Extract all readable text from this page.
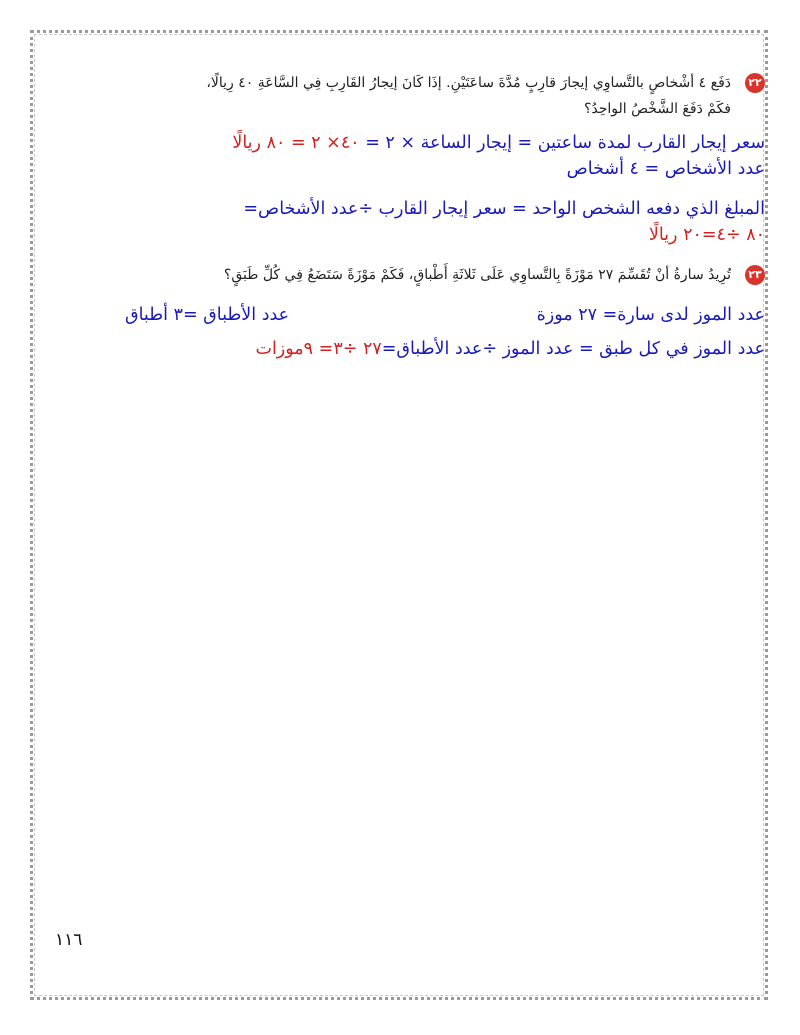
٢٢
دَفَع ٤ أشْخاصٍ بالتَّساوِي إيجارَ قارِبٍ مُدَّةَ ساعَتَيْنِ. إذَا كَانَ إيجارُ القَارِبِ فِي السَّاعَةِ ٤٠ رِيالًا،
فكَمْ دَفَعَ الشَّخْصُ الواحِدُ؟
سعر إيجار القارب لمدة ساعتين = إيجار الساعة × ٢ = ٤٠× ٢ = ٨٠ ريالًا
عدد الأشخاص = ٤ أشخاص
المبلغ الذي دفعه الشخص الواحد = سعر إيجار القارب ÷عدد الأشخاص=
٨٠ ÷٤=٢٠ ريالًا
٢٣
تُرِيدُ سارةُ أنْ تُقَسِّمَ ٢٧ مَوْزَةً بِالتَّساوِي عَلَى ثَلاثَةِ أَطْباقٍ، فَكَمْ مَوْزَةً سَتَضَعُ فِي كُلِّ طَبَقٍ؟
عدد الموز لدى سارة= ٢٧ موزة
عدد الأطباق =٣ أطباق
عدد الموز في كل طبق = عدد الموز ÷عدد الأطباق=٢٧ ÷٣= ٩موزات
١١٦
